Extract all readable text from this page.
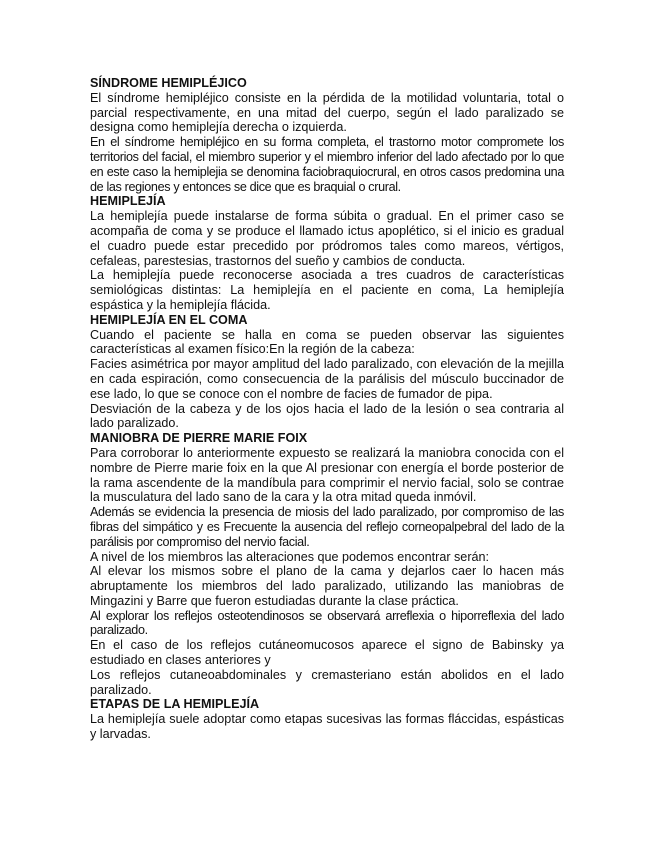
SÍNDROME HEMIPLÉJICO

El síndrome hemipléjico consiste en la pérdida de la motilidad voluntaria, total o parcial respectivamente, en una mitad del cuerpo, según el lado paralizado se designa como hemiplejía derecha o izquierda.

En el síndrome hemipléjico en su forma completa, el trastorno motor compromete los territorios del facial, el miembro superior y el miembro inferior del lado afectado por lo que en este caso la hemiplejia se denomina faciobraquiocrural, en otros casos predomina una de las regiones y entonces se dice que es braquial o crural.

HEMIPLEJÍA

La hemiplejía puede instalarse de forma súbita o gradual. En el primer caso se acompaña de coma y se produce el llamado ictus apoplético, si el inicio es gradual el cuadro puede estar precedido por pródromos tales como mareos, vértigos, cefaleas, parestesias, trastornos del sueño y cambios de conducta.

La hemiplejía puede reconocerse asociada a tres cuadros de características semiológicas distintas: La hemiplejía en el paciente en coma, La hemiplejía espástica y la hemiplejía flácida.

HEMIPLEJÍA EN EL COMA

Cuando el paciente se halla en coma se pueden observar las siguientes características al examen físico:En la región de la cabeza:

Facies asimétrica por mayor amplitud del lado paralizado, con elevación de la mejilla en cada espiración, como consecuencia de la parálisis del músculo buccinador de ese lado, lo que se conoce con el nombre de facies de fumador de pipa.

Desviación de la cabeza y de los ojos hacia el lado de la lesión o sea contraria al lado paralizado.

MANIOBRA DE PIERRE MARIE FOIX

Para corroborar lo anteriormente expuesto se realizará la maniobra conocida con el nombre de Pierre marie foix en la que Al presionar con energía el borde posterior de la rama ascendente de la mandíbula para comprimir el nervio facial, solo se contrae la musculatura del lado sano de la cara y la otra mitad queda inmóvil.

Además se evidencia la presencia de miosis del lado paralizado, por compromiso de las fibras del simpático y es Frecuente la ausencia del reflejo corneopalpebral del lado de la parálisis por compromiso del nervio facial.

A nivel de los miembros las alteraciones que podemos encontrar serán:

Al elevar los mismos sobre el plano de la cama y dejarlos caer lo hacen más abruptamente los miembros del lado paralizado, utilizando las maniobras de Mingazini y Barre que fueron estudiadas durante la clase práctica.

Al explorar los reflejos osteotendinosos se observará arreflexia o hiporreflexia del lado paralizado.

En el caso de los reflejos cutáneomucosos aparece el signo de Babinsky ya estudiado en clases anteriores y

Los reflejos cutaneoabdominales y cremasteriano están abolidos en el lado paralizado.

ETAPAS DE LA HEMIPLEJÍA

La hemiplejía suele adoptar como etapas sucesivas las formas fláccidas, espásticas y larvadas.
